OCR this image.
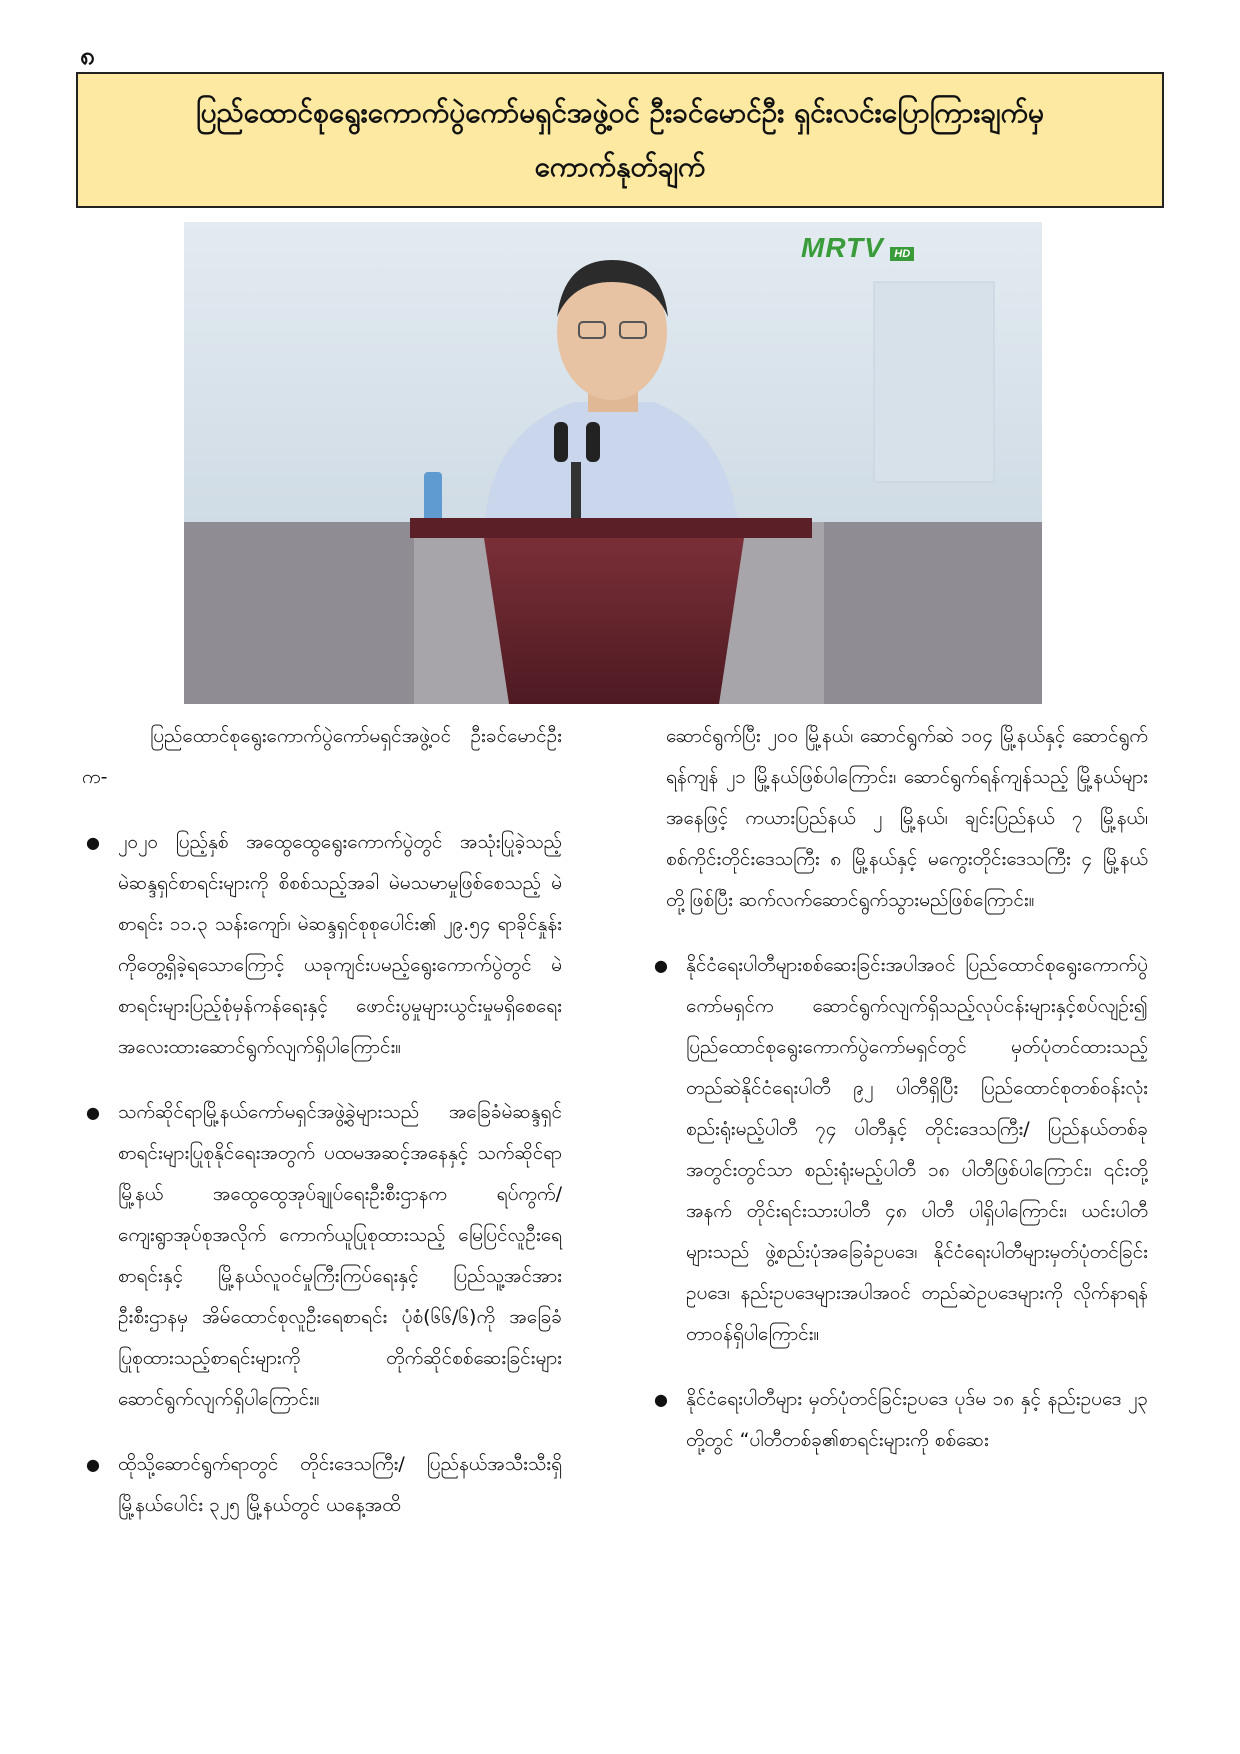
၈
ပြည်ထောင်စုရွေးကောက်ပွဲကော်မရှင်အဖွဲ့ဝင် ဦးခင်မောင်ဦး ရှင်းလင်းပြောကြားချက်မှ
ကောက်နုတ်ချက်
MRTV HD

ပြည်ထောင်စုရွေးကောက်ပွဲကော်မရှင်အဖွဲ့ဝင် ဦးခင်မောင်ဦးက-

● ၂၀၂၀ ပြည့်နှစ် အထွေထွေရွေးကောက်ပွဲတွင် အသုံးပြုခဲ့သည့် မဲဆန္ဒရှင်စာရင်းများကို စိစစ်သည့်အခါ မဲမသမာမှုဖြစ်စေသည့် မဲစာရင်း ၁၁.၃ သန်းကျော်၊ မဲဆန္ဒရှင်စုစုပေါင်း၏ ၂၉.၅၄ ရာခိုင်နှုန်းကိုတွေ့ရှိခဲ့ရသောကြောင့် ယခုကျင်းပမည့်ရွေးကောက်ပွဲတွင် မဲစာရင်းများပြည့်စုံမှန်ကန်ရေးနှင့် ဖောင်းပွမှုများယွင်းမှုမရှိစေရေး အလေးထားဆောင်ရွက်လျက်ရှိပါကြောင်း။
● သက်ဆိုင်ရာမြို့နယ်ကော်မရှင်အဖွဲ့ခွဲများသည် အခြေခံမဲဆန္ဒရှင်စာရင်းများပြုစုနိုင်ရေးအတွက် ပထမအဆင့်အနေနှင့် သက်ဆိုင်ရာမြို့နယ် အထွေထွေအုပ်ချုပ်ရေးဦးစီးဌာနက ရပ်ကွက်/ ကျေးရွာအုပ်စုအလိုက် ကောက်ယူပြုစုထားသည့် မြေပြင်လူဦးရေစာရင်းနှင့် မြို့နယ်လူဝင်မှုကြီးကြပ်ရေးနှင့် ပြည်သူ့အင်အားဦးစီးဌာနမှ အိမ်ထောင်စုလူဦးရေစာရင်း ပုံစံ(၆၆/၆)ကို အခြေခံပြုစုထားသည့်စာရင်းများကို တိုက်ဆိုင်စစ်ဆေးခြင်းများ ဆောင်ရွက်လျက်ရှိပါကြောင်း။
● ထိုသို့ဆောင်ရွက်ရာတွင် တိုင်းဒေသကြီး/ ပြည်နယ်အသီးသီးရှိ မြို့နယ်ပေါင်း ၃၂၅ မြို့နယ်တွင် ယနေ့အထိ

ဆောင်ရွက်ပြီး ၂၀၀ မြို့နယ်၊ ဆောင်ရွက်ဆဲ ၁၀၄ မြို့နယ်နှင့် ဆောင်ရွက်ရန်ကျန် ၂၁ မြို့နယ်ဖြစ်ပါကြောင်း၊ ဆောင်ရွက်ရန်ကျန်သည့် မြို့နယ်များအနေဖြင့် ကယားပြည်နယ် ၂ မြို့နယ်၊ ချင်းပြည်နယ် ၇ မြို့နယ်၊ စစ်ကိုင်းတိုင်းဒေသကြီး ၈ မြို့နယ်နှင့် မကွေးတိုင်းဒေသကြီး ၄ မြို့နယ်တို့ဖြစ်ပြီး ဆက်လက်ဆောင်ရွက်သွားမည်ဖြစ်ကြောင်း။

● နိုင်ငံရေးပါတီများစစ်ဆေးခြင်းအပါအဝင် ပြည်ထောင်စုရွေးကောက်ပွဲကော်မရှင်က ဆောင်ရွက်လျက်ရှိသည့်လုပ်ငန်းများနှင့်စပ်လျဉ်း၍ ပြည်ထောင်စုရွေးကောက်ပွဲကော်မရှင်တွင် မှတ်ပုံတင်ထားသည့် တည်ဆဲနိုင်ငံရေးပါတီ ၉၂ ပါတီရှိပြီး ပြည်ထောင်စုတစ်ဝန်းလုံးစည်းရုံးမည့်ပါတီ ၇၄ ပါတီနှင့် တိုင်းဒေသကြီး/ ပြည်နယ်တစ်ခုအတွင်းတွင်သာ စည်းရုံးမည့်ပါတီ ၁၈ ပါတီဖြစ်ပါကြောင်း၊ ၎င်းတို့အနက် တိုင်းရင်းသားပါတီ ၄၈ ပါတီ ပါရှိပါကြောင်း၊ ယင်းပါတီများသည် ဖွဲ့စည်းပုံအခြေခံဥပဒေ၊ နိုင်ငံရေးပါတီများမှတ်ပုံတင်ခြင်းဥပဒေ၊ နည်းဥပဒေများအပါအဝင် တည်ဆဲဥပဒေများကို လိုက်နာရန်တာဝန်ရှိပါကြောင်း။
● နိုင်ငံရေးပါတီများ မှတ်ပုံတင်ခြင်းဥပဒေ ပုဒ်မ ၁၈ နှင့် နည်းဥပဒေ ၂၃ တို့တွင် “ပါတီတစ်ခု၏စာရင်းများကို စစ်ဆေး
